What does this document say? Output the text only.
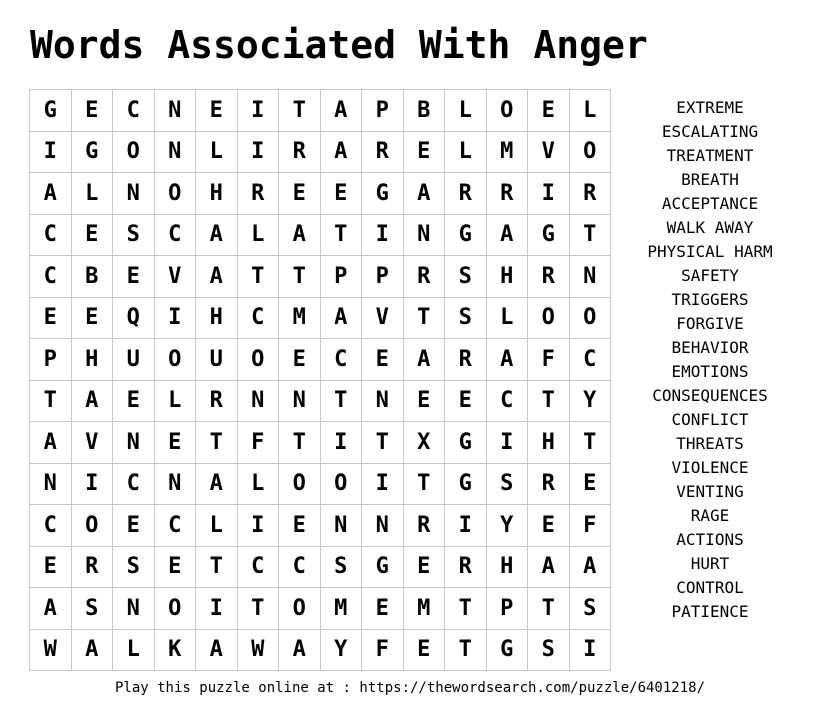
Words Associated With Anger
G	E	C	N	E	I	T	A	P	B	L	O	E	L
I	G	O	N	L	I	R	A	R	E	L	M	V	O
A	L	N	O	H	R	E	E	G	A	R	R	I	R
C	E	S	C	A	L	A	T	I	N	G	A	G	T
C	B	E	V	A	T	T	P	P	R	S	H	R	N
E	E	Q	I	H	C	M	A	V	T	S	L	O	O
P	H	U	O	U	O	E	C	E	A	R	A	F	C
T	A	E	L	R	N	N	T	N	E	E	C	T	Y
A	V	N	E	T	F	T	I	T	X	G	I	H	T
N	I	C	N	A	L	O	O	I	T	G	S	R	E
C	O	E	C	L	I	E	N	N	R	I	Y	E	F
E	R	S	E	T	C	C	S	G	E	R	H	A	A
A	S	N	O	I	T	O	M	E	M	T	P	T	S
W	A	L	K	A	W	A	Y	F	E	T	G	S	I
EXTREME
ESCALATING
TREATMENT
BREATH
ACCEPTANCE
WALK AWAY
PHYSICAL HARM
SAFETY
TRIGGERS
FORGIVE
BEHAVIOR
EMOTIONS
CONSEQUENCES
CONFLICT
THREATS
VIOLENCE
VENTING
RAGE
ACTIONS
HURT
CONTROL
PATIENCE
Play this puzzle online at : https://thewordsearch.com/puzzle/6401218/
